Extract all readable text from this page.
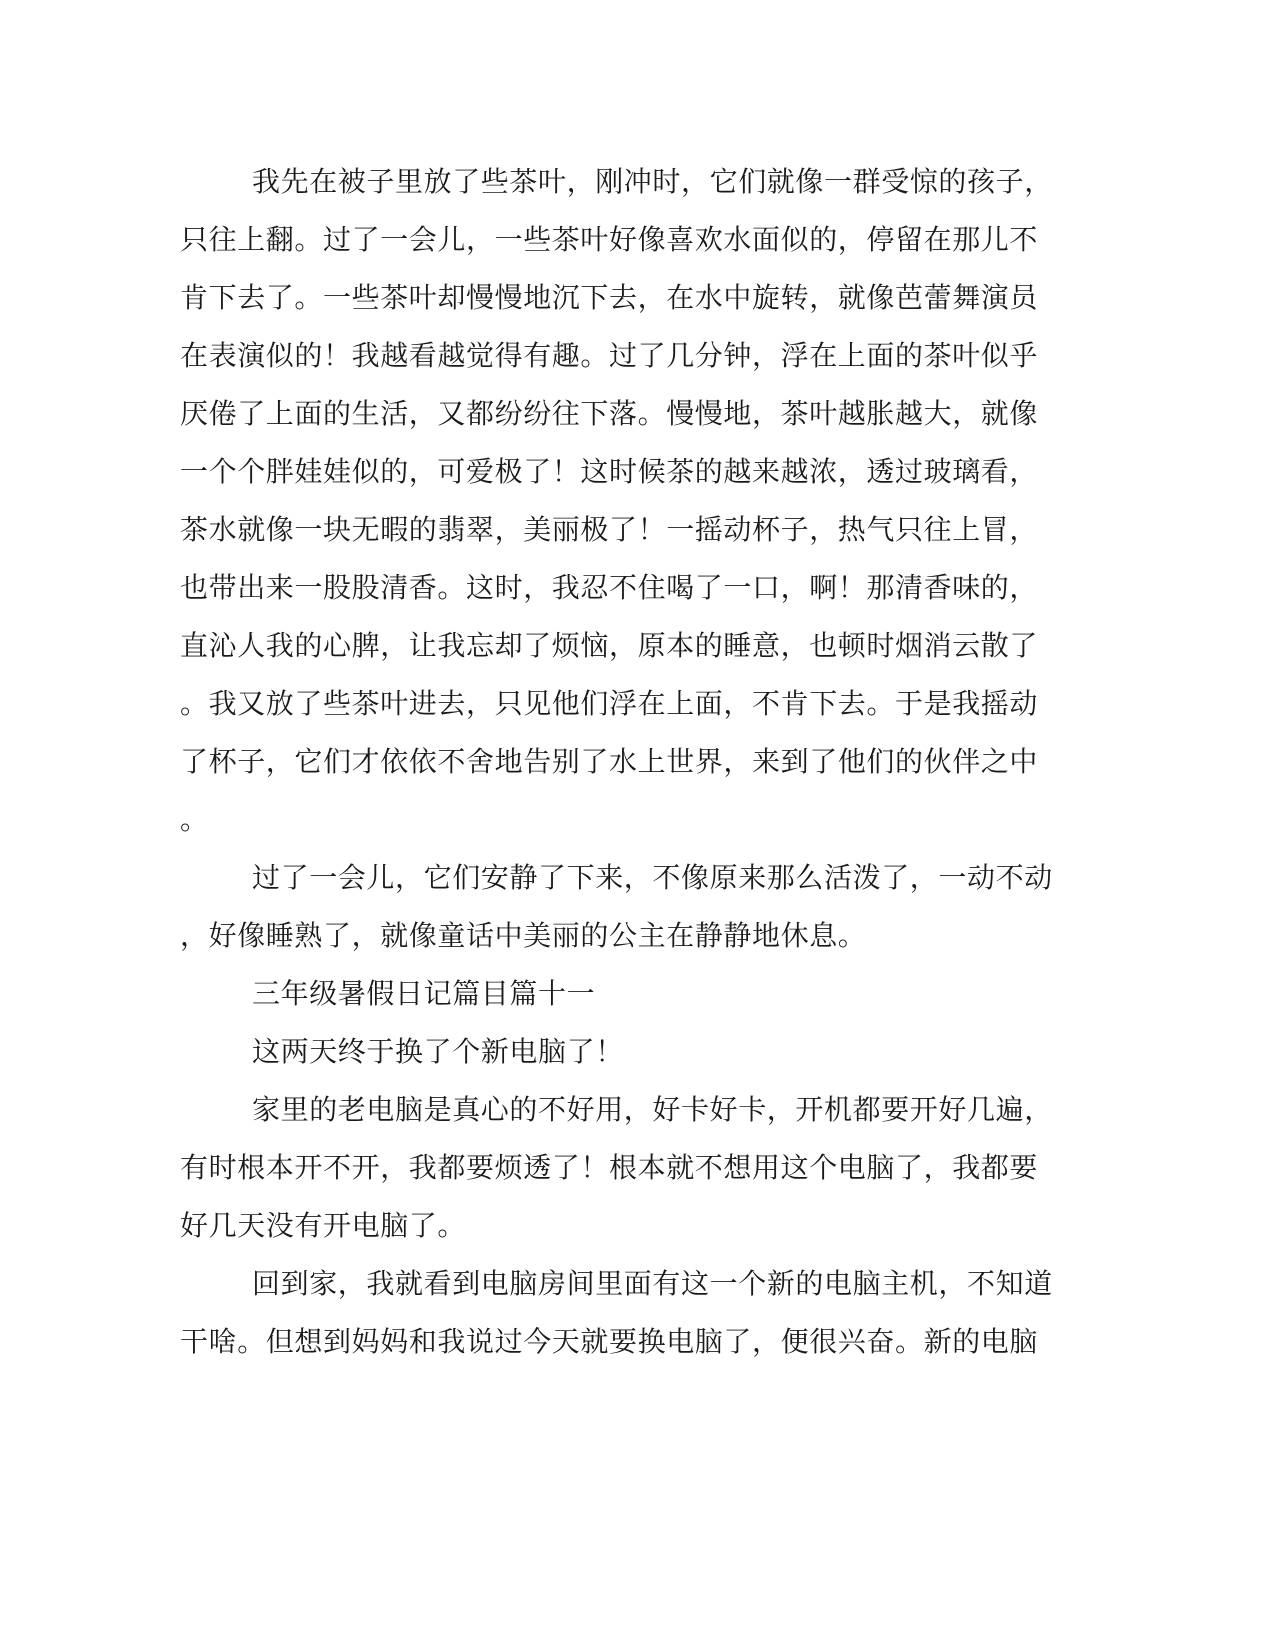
我先在被子里放了些茶叶，刚冲时，它们就像一群受惊的孩子，
只往上翻。过了一会儿，一些茶叶好像喜欢水面似的，停留在那儿不
肯下去了。一些茶叶却慢慢地沉下去，在水中旋转，就像芭蕾舞演员
在表演似的！我越看越觉得有趣。过了几分钟，浮在上面的茶叶似乎
厌倦了上面的生活，又都纷纷往下落。慢慢地，茶叶越胀越大，就像
一个个胖娃娃似的，可爱极了！这时候茶的越来越浓，透过玻璃看，
茶水就像一块无暇的翡翠，美丽极了！一摇动杯子，热气只往上冒，
也带出来一股股清香。这时，我忍不住喝了一口，啊！那清香味的，
直沁人我的心脾，让我忘却了烦恼，原本的睡意，也顿时烟消云散了
。我又放了些茶叶进去，只见他们浮在上面，不肯下去。于是我摇动
了杯子，它们才依依不舍地告别了水上世界，来到了他们的伙伴之中
。
过了一会儿，它们安静了下来，不像原来那么活泼了，一动不动
，好像睡熟了，就像童话中美丽的公主在静静地休息。
三年级暑假日记篇目篇十一
这两天终于换了个新电脑了！
家里的老电脑是真心的不好用，好卡好卡，开机都要开好几遍，
有时根本开不开，我都要烦透了！根本就不想用这个电脑了，我都要
好几天没有开电脑了。
回到家，我就看到电脑房间里面有这一个新的电脑主机，不知道
干啥。但想到妈妈和我说过今天就要换电脑了，便很兴奋。新的电脑
